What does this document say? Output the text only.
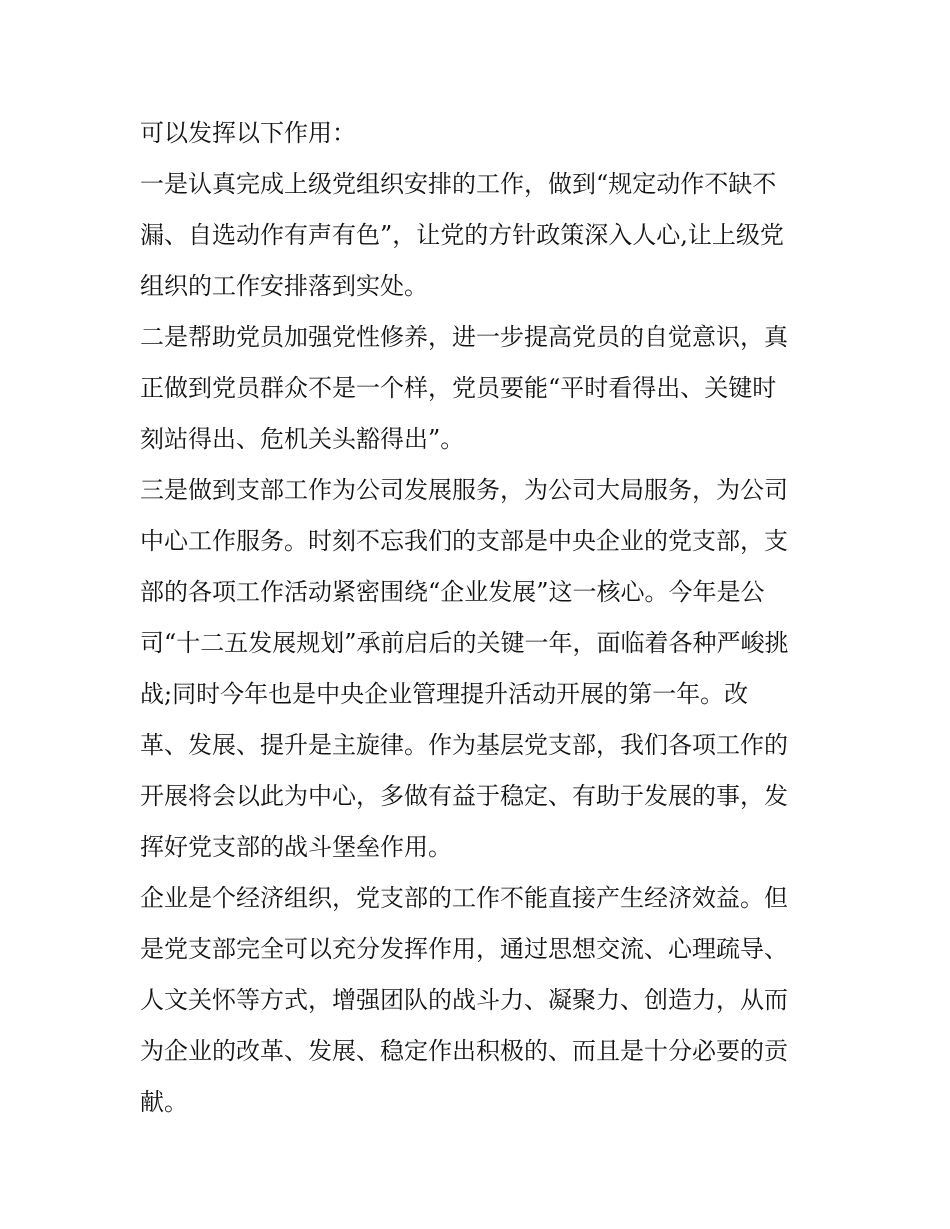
可以发挥以下作用：
一是认真完成上级党组织安排的工作，做到“规定动作不缺不
漏、自选动作有声有色”，让党的方针政策深入人心,让上级党
组织的工作安排落到实处。
二是帮助党员加强党性修养，进一步提高党员的自觉意识，真
正做到党员群众不是一个样，党员要能“平时看得出、关键时
刻站得出、危机关头豁得出”。
三是做到支部工作为公司发展服务，为公司大局服务，为公司
中心工作服务。时刻不忘我们的支部是中央企业的党支部，支
部的各项工作活动紧密围绕“企业发展”这一核心。今年是公
司“十二五发展规划”承前启后的关键一年，面临着各种严峻挑
战;同时今年也是中央企业管理提升活动开展的第一年。改
革、发展、提升是主旋律。作为基层党支部，我们各项工作的
开展将会以此为中心，多做有益于稳定、有助于发展的事，发
挥好党支部的战斗堡垒作用。
企业是个经济组织，党支部的工作不能直接产生经济效益。但
是党支部完全可以充分发挥作用，通过思想交流、心理疏导、
人文关怀等方式，增强团队的战斗力、凝聚力、创造力，从而
为企业的改革、发展、稳定作出积极的、而且是十分必要的贡
献。
